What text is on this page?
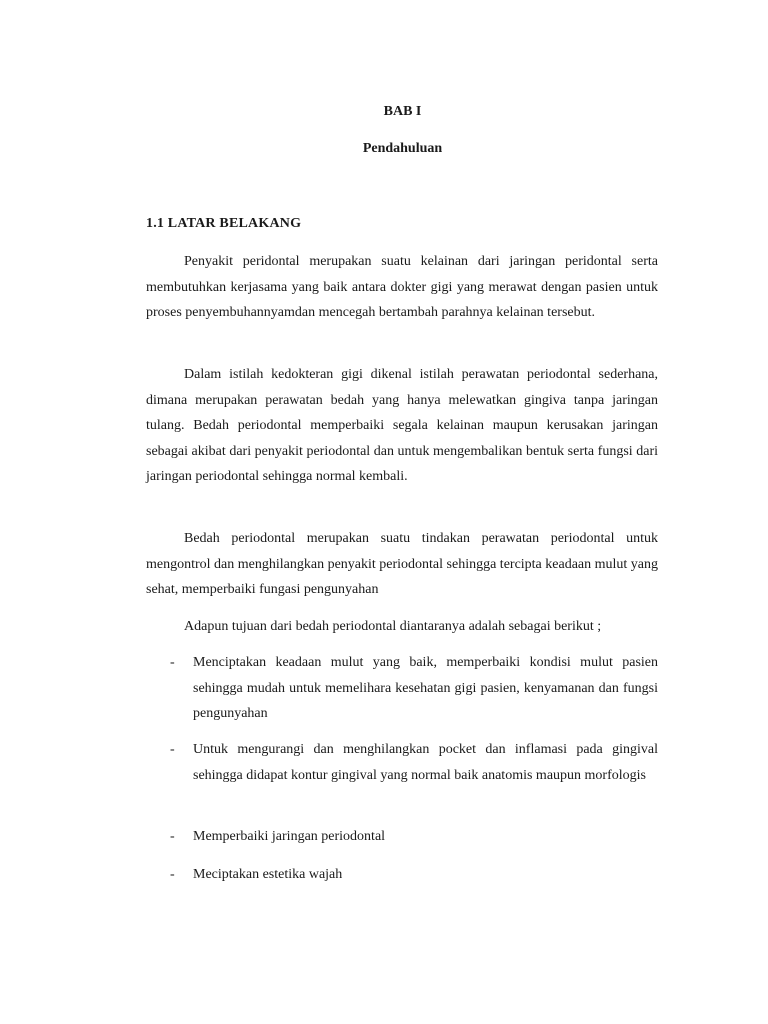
BAB I
Pendahuluan
1.1 LATAR BELAKANG

Penyakit peridontal merupakan suatu kelainan dari jaringan peridontal serta membutuhkan kerjasama yang baik antara dokter gigi yang merawat dengan pasien untuk proses penyembuhannyamdan mencegah bertambah parahnya kelainan tersebut.

Dalam istilah kedokteran gigi dikenal istilah perawatan periodontal sederhana, dimana merupakan perawatan bedah yang hanya melewatkan gingiva tanpa jaringan tulang. Bedah periodontal memperbaiki segala kelainan maupun kerusakan jaringan sebagai akibat dari penyakit periodontal dan untuk mengembalikan bentuk serta fungsi dari jaringan periodontal sehingga normal kembali.

Bedah periodontal merupakan suatu tindakan perawatan periodontal untuk mengontrol dan menghilangkan penyakit periodontal sehingga tercipta keadaan mulut yang sehat, memperbaiki fungasi pengunyahan

Adapun tujuan dari bedah periodontal diantaranya adalah sebagai berikut ;

- Menciptakan keadaan mulut yang baik, memperbaiki kondisi mulut pasien sehingga mudah untuk memelihara kesehatan gigi pasien, kenyamanan dan fungsi pengunyahan
- Untuk mengurangi dan menghilangkan pocket dan inflamasi pada gingival sehingga didapat kontur gingival yang normal baik anatomis maupun morfologis
- Memperbaiki jaringan periodontal
- Meciptakan estetika wajah
